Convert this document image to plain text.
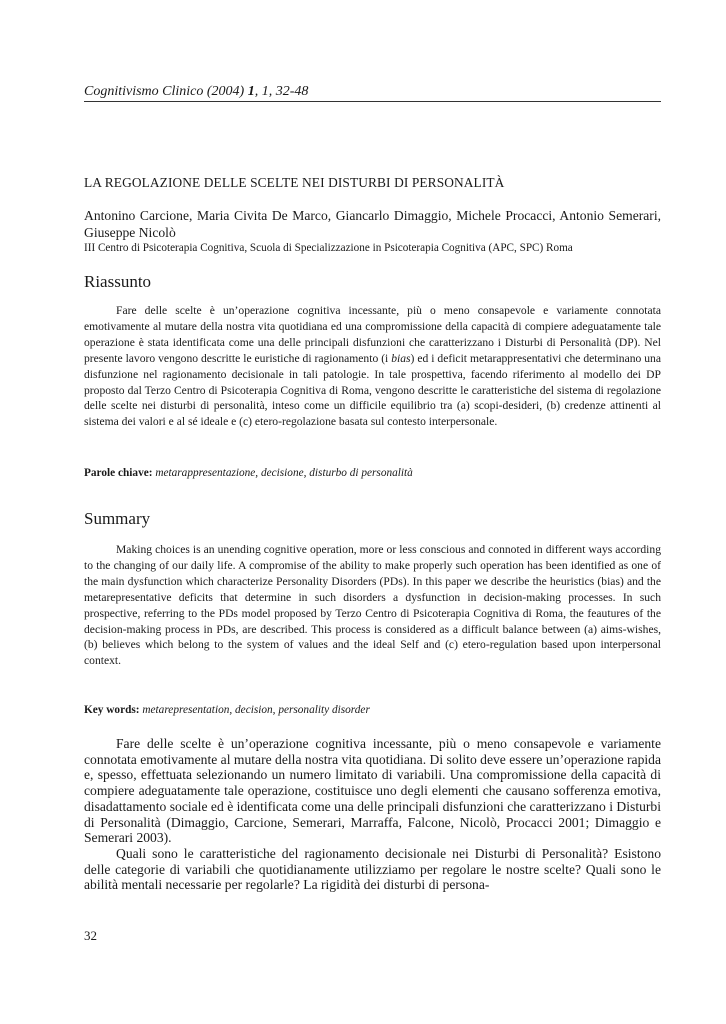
Cognitivismo Clinico (2004) 1, 1, 32-48
LA REGOLAZIONE DELLE SCELTE NEI DISTURBI DI PERSONALITÀ
Antonino Carcione, Maria Civita De Marco, Giancarlo Dimaggio, Michele Procacci, Antonio Semerari, Giuseppe Nicolò
III Centro di Psicoterapia Cognitiva, Scuola di Specializzazione in Psicoterapia Cognitiva (APC, SPC) Roma
Riassunto

Fare delle scelte è un’operazione cognitiva incessante, più o meno consapevole e variamente connotata emotivamente al mutare della nostra vita quotidiana ed una compromissione della capacità di compiere adeguatamente tale operazione è stata identificata come una delle principali disfunzioni che caratterizzano i Disturbi di Personalità (DP). Nel presente lavoro vengono descritte le euristiche di ragionamento (i bias) ed i deficit metarappresentativi che determinano una disfunzione nel ragionamento decisionale in tali patologie. In tale prospettiva, facendo riferimento al modello dei DP proposto dal Terzo Centro di Psicoterapia Cognitiva di Roma, vengono descritte le caratteristiche del sistema di regolazione delle scelte nei disturbi di personalità, inteso come un difficile equilibrio tra (a) scopi-desideri, (b) credenze attinenti al sistema dei valori e al sé ideale e (c) etero-regolazione basata sul contesto interpersonale.

Parole chiave: metarappresentazione, decisione, disturbo di personalità
Summary

Making choices is an unending cognitive operation, more or less conscious and connoted in different ways according to the changing of our daily life. A compromise of the ability to make properly such operation has been identified as one of the main dysfunction which characterize Personality Disorders (PDs). In this paper we describe the heuristics (bias) and the metarepresentative deficits that determine in such disorders a dysfunction in decision-making processes. In such prospective, referring to the PDs model proposed by Terzo Centro di Psicoterapia Cognitiva di Roma, the feautures of the decision-making process in PDs, are described. This process is considered as a difficult balance between (a) aims-wishes, (b) believes which belong to the system of values and the ideal Self and (c) etero-regulation based upon interpersonal context.

Key words: metarepresentation, decision, personality disorder
Fare delle scelte è un’operazione cognitiva incessante, più o meno consapevole e variamente connotata emotivamente al mutare della nostra vita quotidiana. Di solito deve essere un’operazione rapida e, spesso, effettuata selezionando un numero limitato di variabili. Una compromissione della capacità di compiere adeguatamente tale operazione, costituisce uno degli elementi che causano sofferenza emotiva, disadattamento sociale ed è identificata come una delle principali disfunzioni che caratterizzano i Disturbi di Personalità (Dimaggio, Carcione, Semerari, Marraffa, Falcone, Nicolò, Procacci 2001; Dimaggio e Semerari 2003).
Quali sono le caratteristiche del ragionamento decisionale nei Disturbi di Personalità? Esistono delle categorie di variabili che quotidianamente utilizziamo per regolare le nostre scelte? Quali sono le abilità mentali necessarie per regolarle? La rigidità dei disturbi di persona-
32
